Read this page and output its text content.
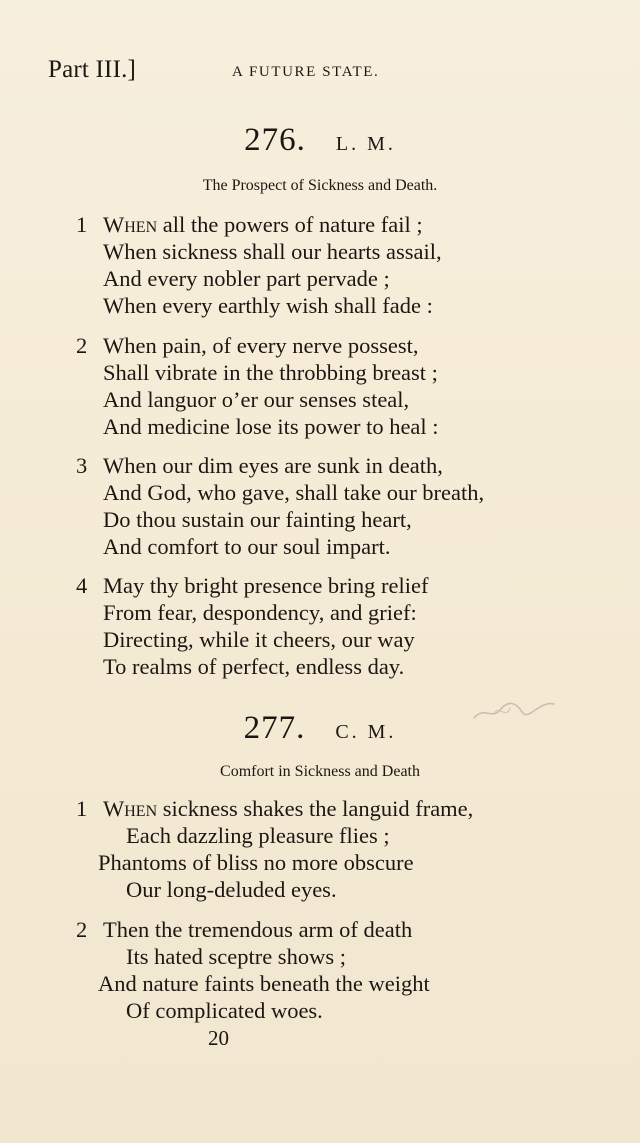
Part III.]	A FUTURE STATE.
276. L. M.
The Prospect of Sickness and Death.
1 When all the powers of nature fail ;
When sickness shall our hearts assail,
And every nobler part pervade ;
When every earthly wish shall fade :
2 When pain, of every nerve possest,
Shall vibrate in the throbbing breast ;
And languor o’er our senses steal,
And medicine lose its power to heal :
3 When our dim eyes are sunk in death,
And God, who gave, shall take our breath,
Do thou sustain our fainting heart,
And comfort to our soul impart.
4 May thy bright presence bring relief
From fear, despondency, and grief:
Directing, while it cheers, our way
To realms of perfect, endless day.
277. C. M.
Comfort in Sickness and Death
1 When sickness shakes the languid frame,
Each dazzling pleasure flies ;
Phantoms of bliss no more obscure
Our long-deluded eyes.
2 Then the tremendous arm of death
Its hated sceptre shows ;
And nature faints beneath the weight
Of complicated woes.
20
